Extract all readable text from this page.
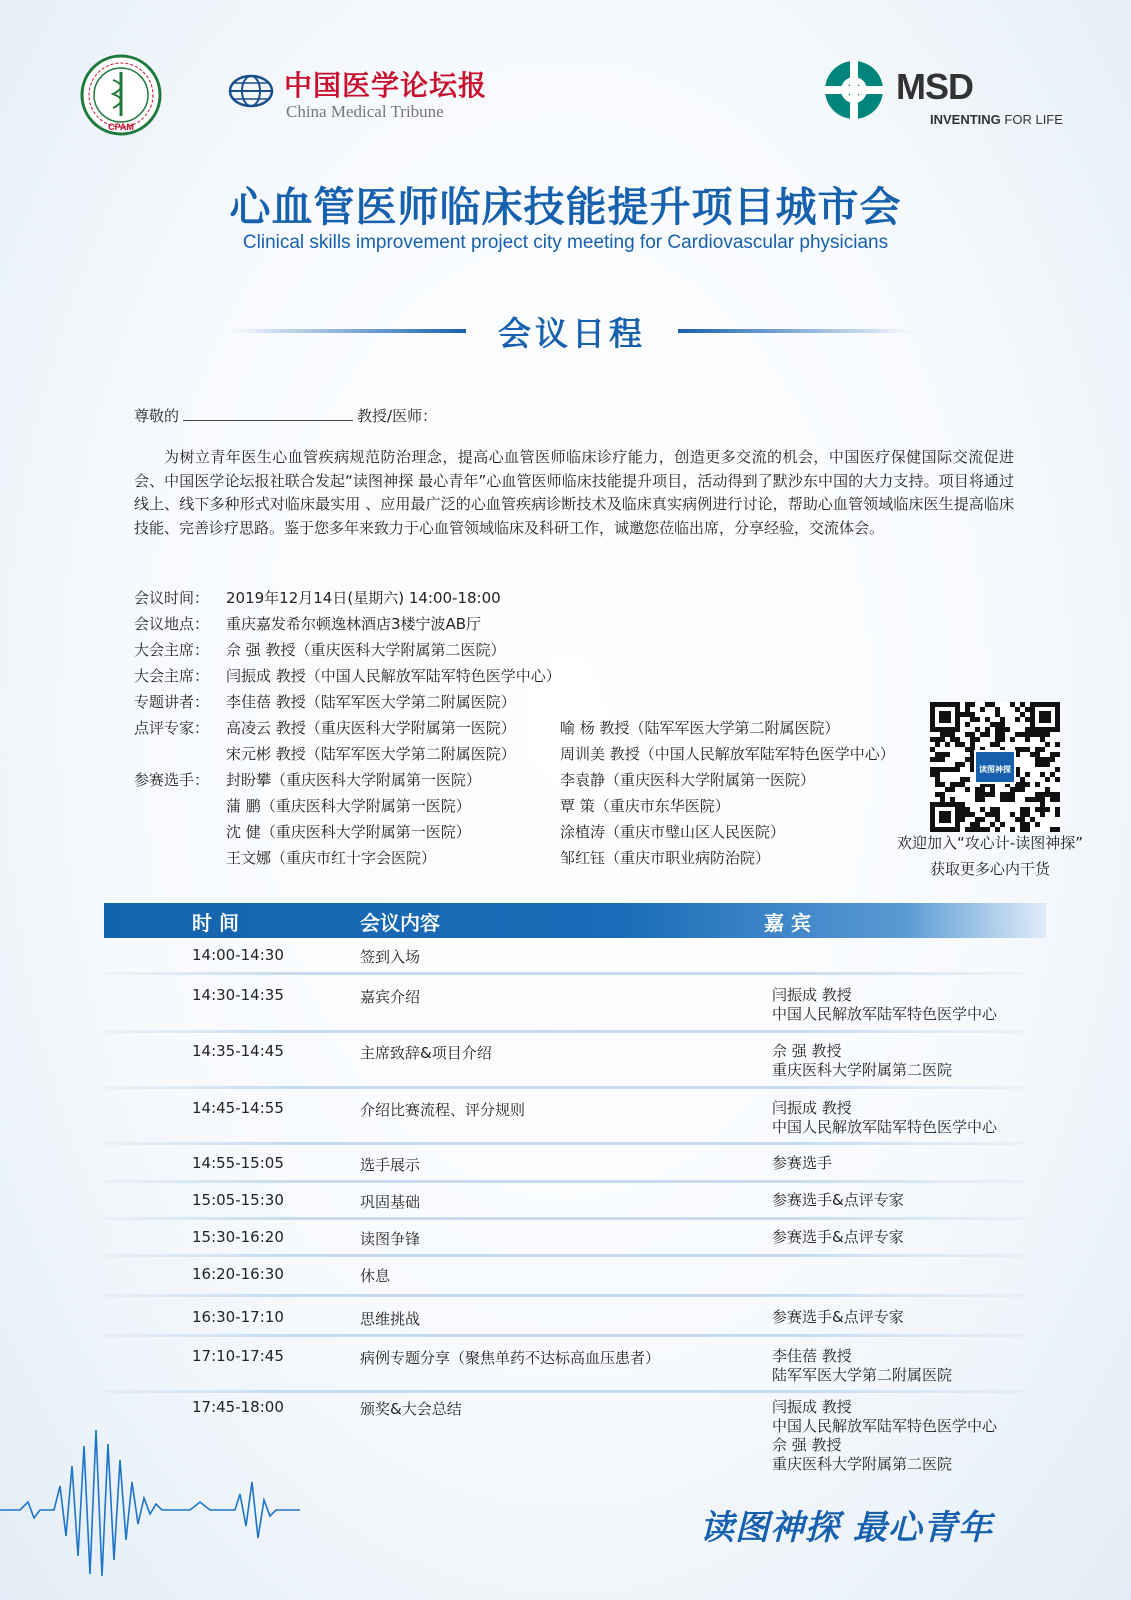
CPAM
中国医学论坛报
China Medical Tribune
MSD
INVENTING FOR LIFE
心血管医师临床技能提升项目城市会
Clinical skills improvement project city meeting for Cardiovascular physicians
会议日程
尊敬的	教授/医师：
为树立青年医生心血管疾病规范防治理念，提高心血管医师临床诊疗能力，创造更多交流的机会，中国医疗保健国际交流促进会、中国医学论坛报社联合发起“读图神探 最心青年”心血管医师临床技能提升项目，活动得到了默沙东中国的大力支持。项目将通过线上、线下多种形式对临床最实用 、应用最广泛的心血管疾病诊断技术及临床真实病例进行讨论，帮助心血管领域临床医生提高临床技能、完善诊疗思路。鉴于您多年来致力于心血管领域临床及科研工作，诚邀您莅临出席，分享经验，交流体会。
会议时间：	2019年12月14日(星期六) 14:00-18:00
会议地点：	重庆嘉发希尔顿逸林酒店3楼宁波AB厅
大会主席：	佘 强 教授（重庆医科大学附属第二医院）
大会主席：	闫振成 教授（中国人民解放军陆军特色医学中心）
专题讲者：	李佳蓓 教授（陆军军医大学第二附属医院）
点评专家：	高凌云 教授（重庆医科大学附属第一医院）	喻 杨 教授（陆军军医大学第二附属医院）
宋元彬 教授（陆军军医大学第二附属医院）	周训美 教授（中国人民解放军陆军特色医学中心）
参赛选手：	封盼攀（重庆医科大学附属第一医院）	李袁静（重庆医科大学附属第一医院）
蒲 鹏（重庆医科大学附属第一医院）	覃 策（重庆市东华医院）
沈 健（重庆医科大学附属第一医院）	涂植涛（重庆市璧山区人民医院）
王文娜（重庆市红十字会医院）	邹红钰（重庆市职业病防治院）
读图神探
欢迎加入“攻心计-读图神探”
获取更多心内干货
时 间	会议内容	嘉 宾
14:00-14:30	签到入场
14:30-14:35	嘉宾介绍	闫振成 教授
中国人民解放军陆军特色医学中心
14:35-14:45	主席致辞&项目介绍	佘 强 教授
重庆医科大学附属第二医院
14:45-14:55	介绍比赛流程、评分规则	闫振成 教授
中国人民解放军陆军特色医学中心
14:55-15:05	选手展示	参赛选手
15:05-15:30	巩固基础	参赛选手&点评专家
15:30-16:20	读图争锋	参赛选手&点评专家
16:20-16:30	休息
16:30-17:10	思维挑战	参赛选手&点评专家
17:10-17:45	病例专题分享（聚焦单药不达标高血压患者）	李佳蓓 教授
陆军军医大学第二附属医院
17:45-18:00	颁奖&大会总结	闫振成 教授
中国人民解放军陆军特色医学中心
佘 强 教授
重庆医科大学附属第二医院
读图神探 最心青年
